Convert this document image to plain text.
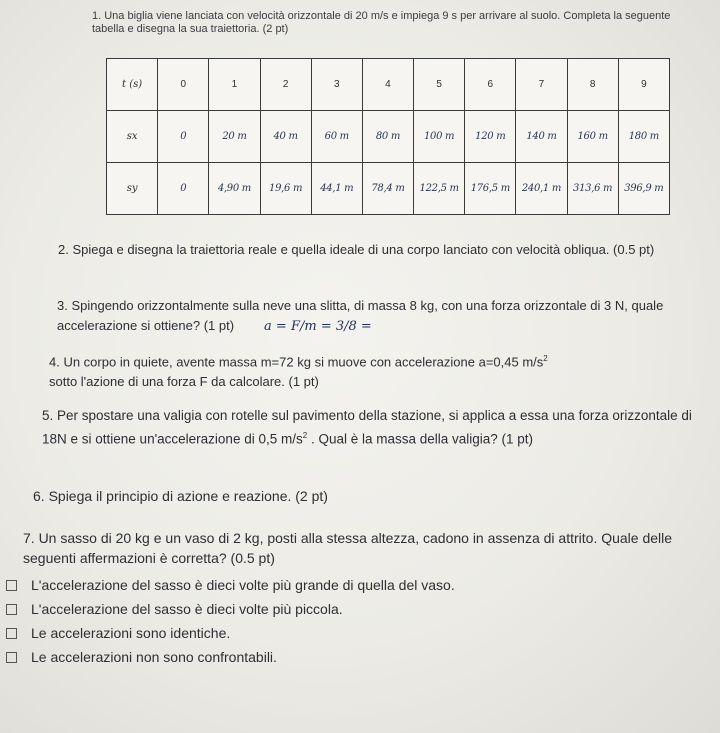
1. Una biglia viene lanciata con velocità orizzontale di 20 m/s e impiega 9 s per arrivare al suolo. Completa la seguente tabella e disegna la sua traiettoria. (2 pt)

t (s)	0	1	2	3	4	5	6	7	8	9
sx	0	20 m	40 m	60 m	80 m	100 m	120 m	140 m	160 m	180 m
sy	0	4,90 m	19,6 m	44,1 m	78,4 m	122,5 m	176,5 m	240,1 m	313,6 m	396,9 m

2. Spiega e disegna la traiettoria reale e quella ideale di una corpo lanciato con velocità obliqua. (0.5 pt)

3. Spingendo orizzontalmente sulla neve una slitta, di massa 8 kg, con una forza orizzontale di 3 N, quale accelerazione si ottiene? (1 pt) a = F/m = 3/8 =

4. Un corpo in quiete, avente massa m=72 kg si muove con accelerazione a=0,45 $m/s^2$
sotto l'azione di una forza F da calcolare. (1 pt)

5. Per spostare una valigia con rotelle sul pavimento della stazione, si applica a essa una forza orizzontale di 18N e si ottiene un'accelerazione di 0,5 $m/s^2$ . Qual è la massa della valigia? (1 pt)

6. Spiega il principio di azione e reazione. (2 pt)

7. Un sasso di 20 kg e un vaso di 2 kg, posti alla stessa altezza, cadono in assenza di attrito. Quale delle seguenti affermazioni è corretta? (0.5 pt)

L'accelerazione del sasso è dieci volte più grande di quella del vaso.
L'accelerazione del sasso è dieci volte più piccola.
Le accelerazioni sono identiche.
Le accelerazioni non sono confrontabili.
